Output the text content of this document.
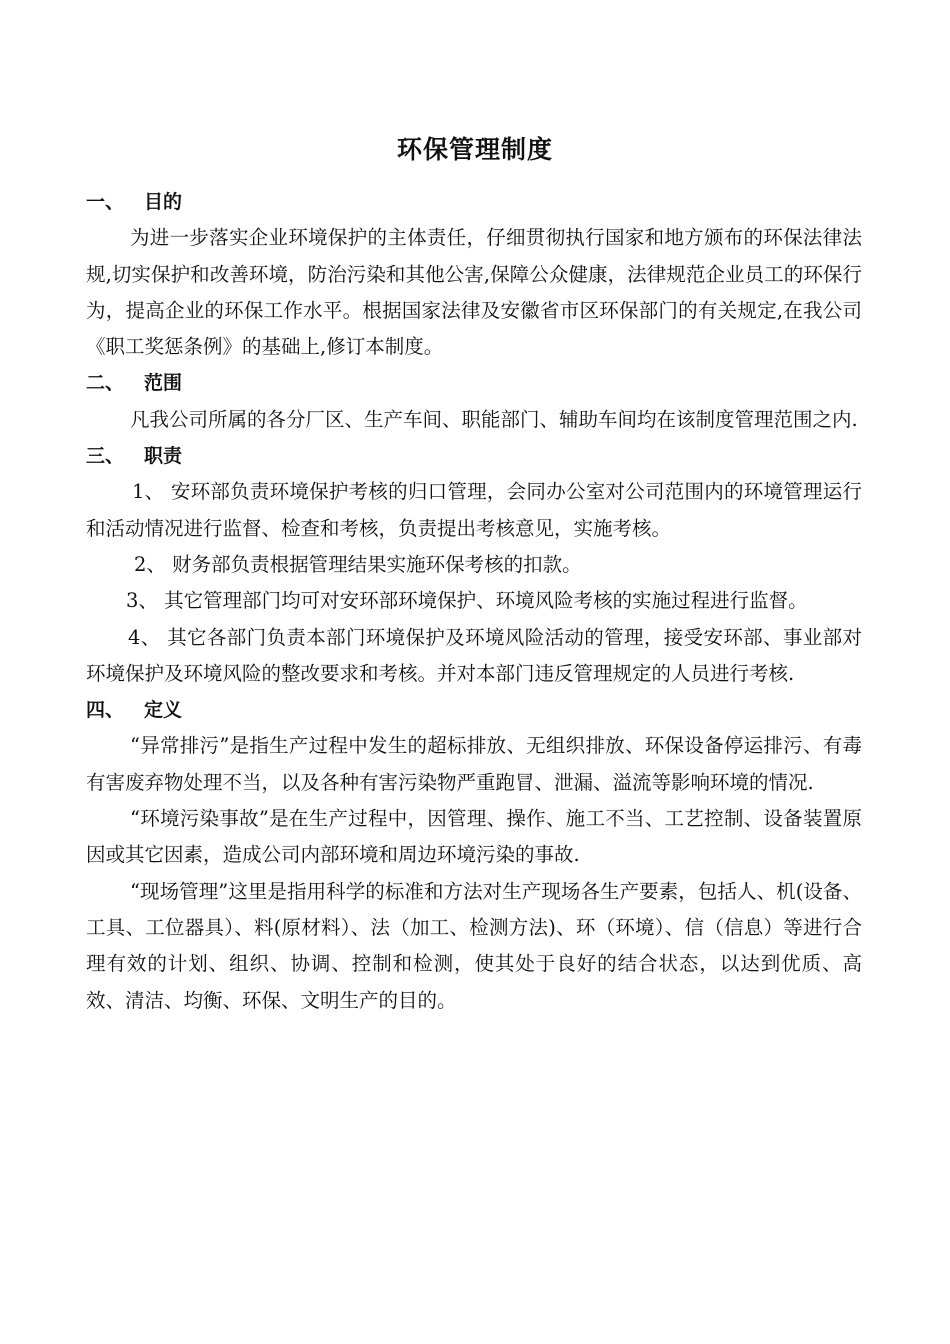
环保管理制度
一、 目的

为进一步落实企业环境保护的主体责任，仔细贯彻执行国家和地方颁布的环保法律法规,切实保护和改善环境，防治污染和其他公害,保障公众健康，法律规范企业员工的环保行为，提高企业的环保工作水平。根据国家法律及安徽省市区环保部门的有关规定,在我公司《职工奖惩条例》的基础上,修订本制度。

二、 范围

凡我公司所属的各分厂区、生产车间、职能部门、辅助车间均在该制度管理范围之内.

三、 职责

1、 安环部负责环境保护考核的归口管理，会同办公室对公司范围内的环境管理运行和活动情况进行监督、检查和考核，负责提出考核意见，实施考核。

2、 财务部负责根据管理结果实施环保考核的扣款。

3、 其它管理部门均可对安环部环境保护、环境风险考核的实施过程进行监督。

4、 其它各部门负责本部门环境保护及环境风险活动的管理，接受安环部、事业部对环境保护及环境风险的整改要求和考核。并对本部门违反管理规定的人员进行考核.

四、 定义

“异常排污”是指生产过程中发生的超标排放、无组织排放、环保设备停运排污、有毒有害废弃物处理不当，以及各种有害污染物严重跑冒、泄漏、溢流等影响环境的情况.

“环境污染事故”是在生产过程中，因管理、操作、施工不当、工艺控制、设备装置原因或其它因素，造成公司内部环境和周边环境污染的事故.

“现场管理”这里是指用科学的标准和方法对生产现场各生产要素，包括人、机(设备、工具、工位器具）、料(原材料）、法（加工、检测方法)、环（环境）、信（信息）等进行合理有效的计划、组织、协调、控制和检测，使其处于良好的结合状态，以达到优质、高效、清洁、均衡、环保、文明生产的目的。
